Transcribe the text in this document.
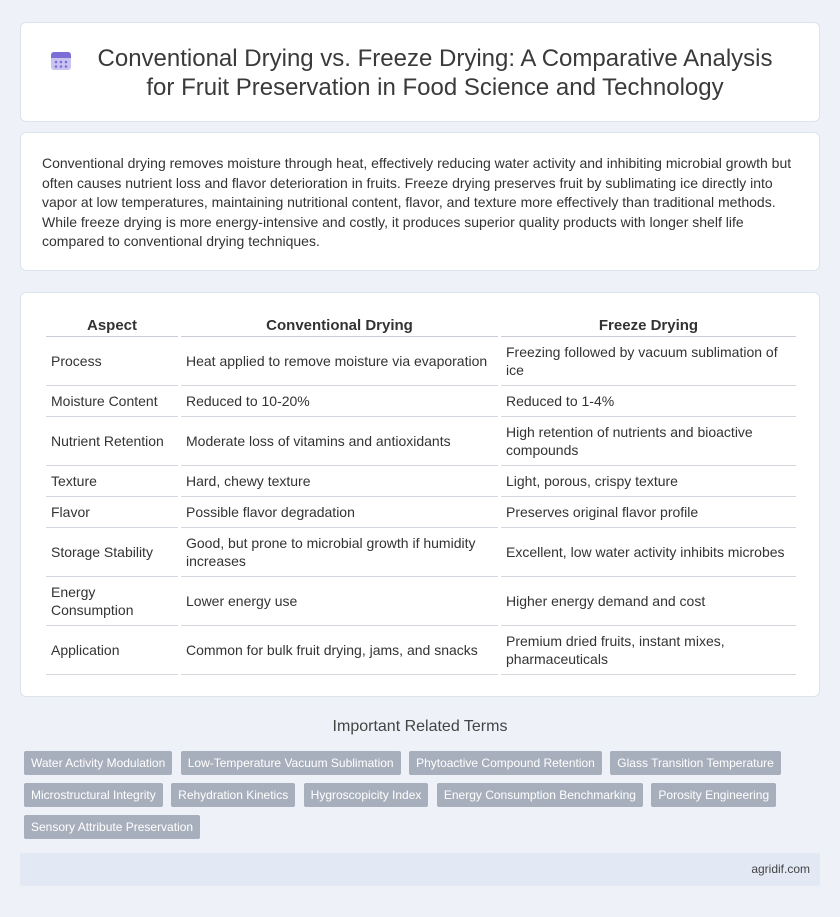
Conventional Drying vs. Freeze Drying: A Comparative Analysis for Fruit Preservation in Food Science and Technology

Conventional drying removes moisture through heat, effectively reducing water activity and inhibiting microbial growth but often causes nutrient loss and flavor deterioration in fruits. Freeze drying preserves fruit by sublimating ice directly into vapor at low temperatures, maintaining nutritional content, flavor, and texture more effectively than traditional methods. While freeze drying is more energy-intensive and costly, it produces superior quality products with longer shelf life compared to conventional drying techniques.

Aspect	Conventional Drying	Freeze Drying
Process	Heat applied to remove moisture via evaporation	Freezing followed by vacuum sublimation of ice
Moisture Content	Reduced to 10-20%	Reduced to 1-4%
Nutrient Retention	Moderate loss of vitamins and antioxidants	High retention of nutrients and bioactive compounds
Texture	Hard, chewy texture	Light, porous, crispy texture
Flavor	Possible flavor degradation	Preserves original flavor profile
Storage Stability	Good, but prone to microbial growth if humidity increases	Excellent, low water activity inhibits microbes
Energy Consumption	Lower energy use	Higher energy demand and cost
Application	Common for bulk fruit drying, jams, and snacks	Premium dried fruits, instant mixes, pharmaceuticals
Important Related Terms
Water Activity Modulation Low-Temperature Vacuum Sublimation Phytoactive Compound Retention Glass Transition Temperature Microstructural Integrity Rehydration Kinetics Hygroscopicity Index Energy Consumption Benchmarking Porosity Engineering Sensory Attribute Preservation
agridif.com
